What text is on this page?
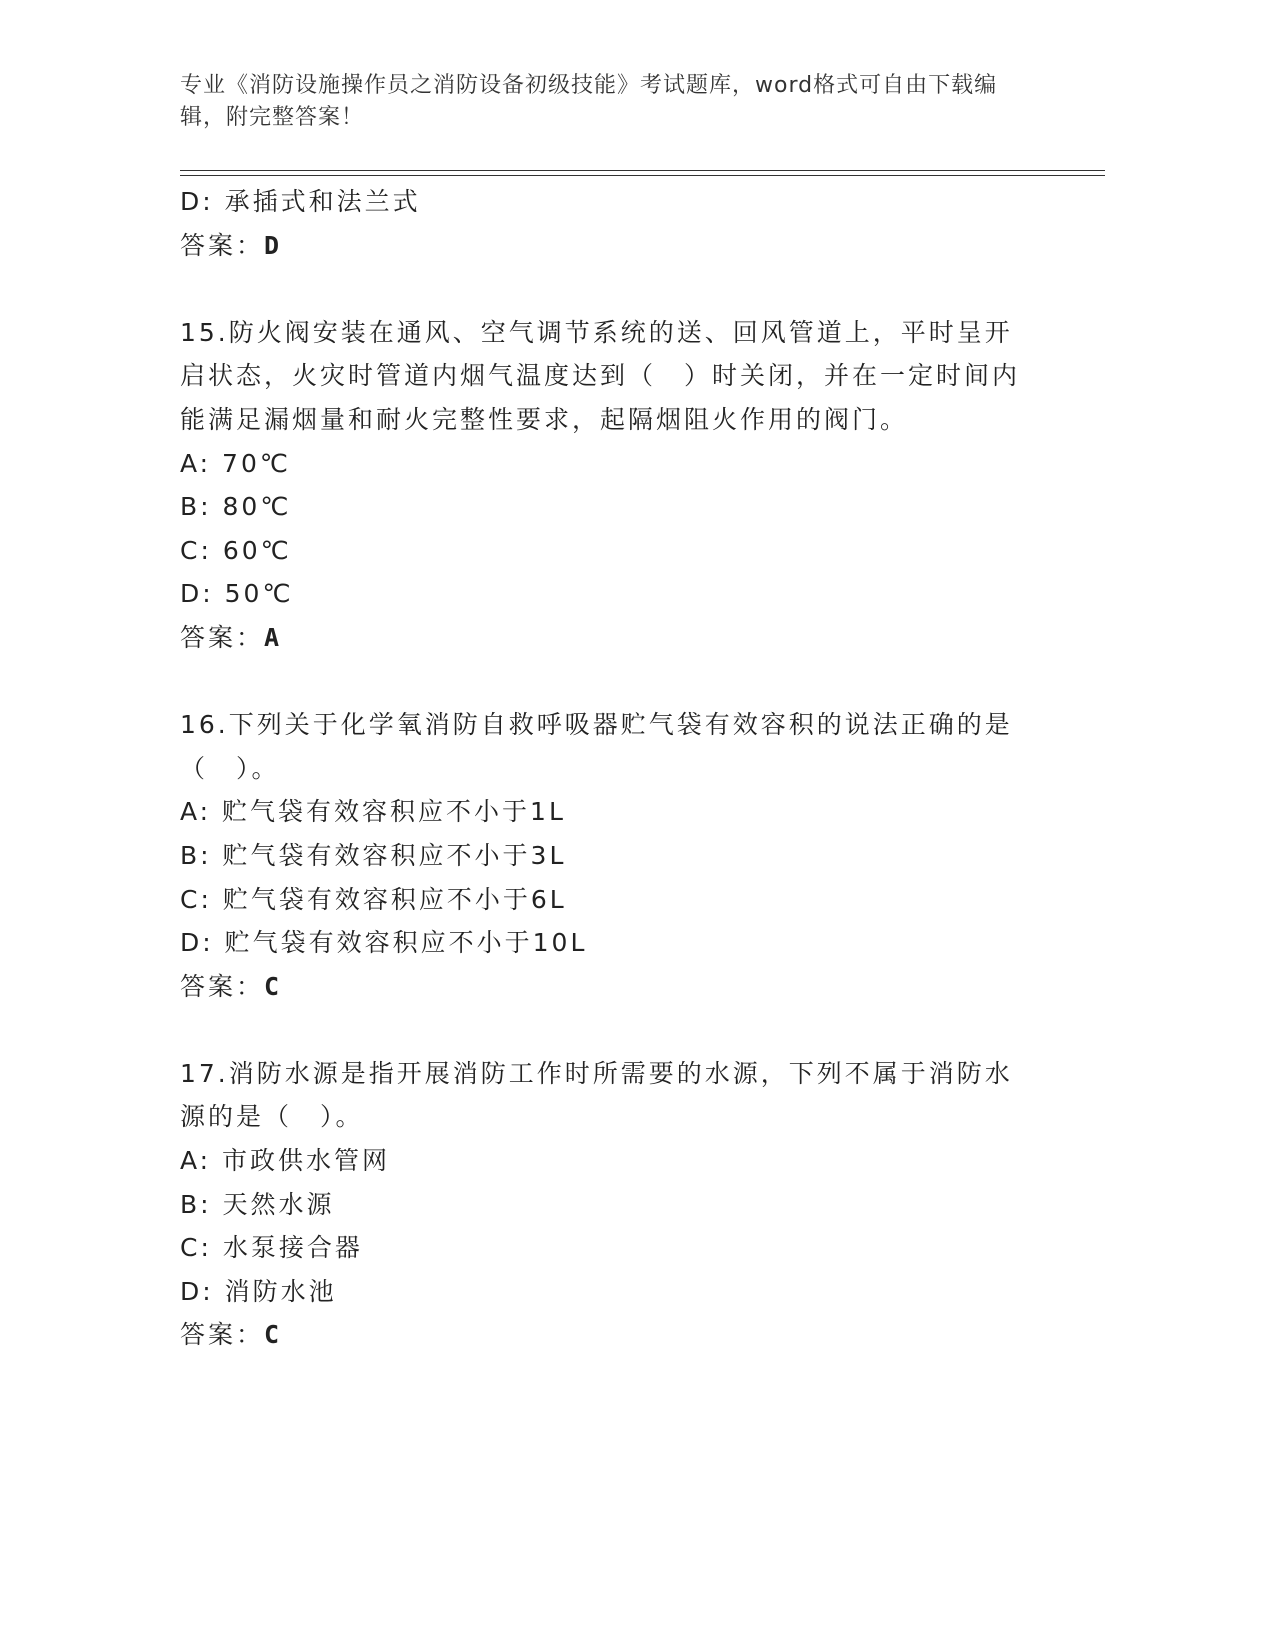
专业《消防设施操作员之消防设备初级技能》考试题库，word格式可自由下载编辑，附完整答案！
D: 承插式和法兰式
答案：D
15.防火阀安装在通风、空气调节系统的送、回风管道上，平时呈开启状态，火灾时管道内烟气温度达到（　）时关闭，并在一定时间内能满足漏烟量和耐火完整性要求，起隔烟阻火作用的阀门。
A: 70℃
B: 80℃
C: 60℃
D: 50℃
答案：A
16.下列关于化学氧消防自救呼吸器贮气袋有效容积的说法正确的是（　）。
A: 贮气袋有效容积应不小于1L
B: 贮气袋有效容积应不小于3L
C: 贮气袋有效容积应不小于6L
D: 贮气袋有效容积应不小于10L
答案：C
17.消防水源是指开展消防工作时所需要的水源，下列不属于消防水源的是（　）。
A: 市政供水管网
B: 天然水源
C: 水泵接合器
D: 消防水池
答案：C
